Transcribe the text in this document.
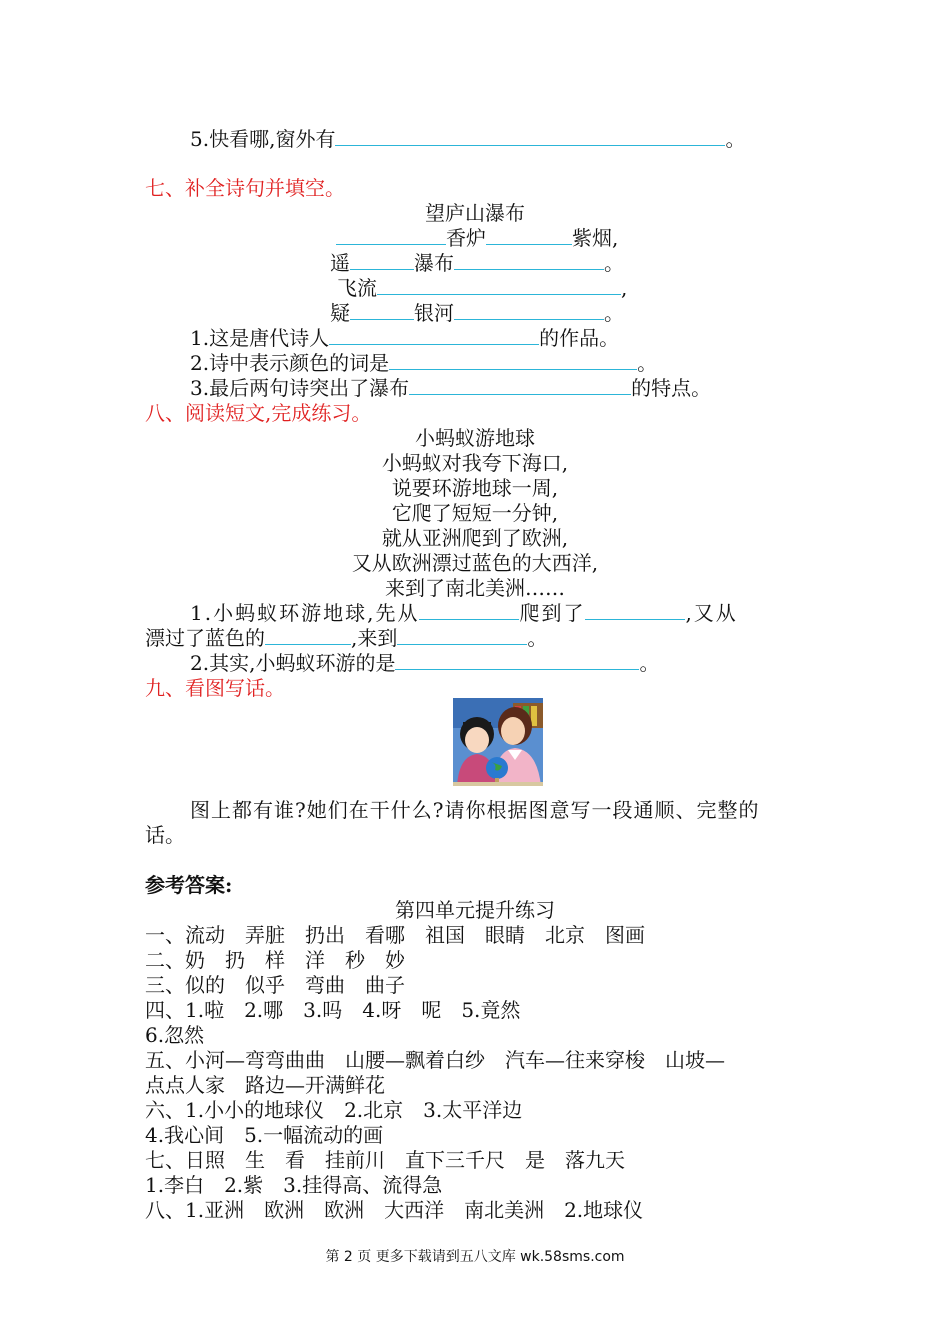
5.快看哪,窗外有	。
七、补全诗句并填空。
望庐山瀑布
香炉	紫烟,
遥	瀑布	。
飞流	,
疑	银河	。
1.这是唐代诗人	的作品。
2.诗中表示颜色的词是	。
3.最后两句诗突出了瀑布	的特点。
八、阅读短文,完成练习。
小蚂蚁游地球
小蚂蚁对我夸下海口,
说要环游地球一周,
它爬了短短一分钟,
就从亚洲爬到了欧洲,
又从欧洲漂过蓝色的大西洋,
来到了南北美洲……
1.小蚂蚁环游地球,先从	爬到了	,又从
漂过了蓝色的	,来到	。
2.其实,小蚂蚁环游的是	。
九、看图写话。
图上都有谁?她们在干什么?请你根据图意写一段通顺、完整的
话。
参考答案:
第四单元提升练习
一、流动　弄脏　扔出　看哪　祖国　眼睛　北京　图画
二、奶　扔　样　洋　秒　妙
三、似的　似乎　弯曲　曲子
四、1.啦　2.哪　3.吗　4.呀　呢　5.竟然
6.忽然
五、小河—弯弯曲曲　山腰—飘着白纱　汽车—往来穿梭　山坡—
点点人家　路边—开满鲜花
六、1.小小的地球仪　2.北京　3.太平洋边
4.我心间　5.一幅流动的画
七、日照　生　看　挂前川　直下三千尺　是　落九天
1.李白　2.紫　3.挂得高、流得急
八、1.亚洲　欧洲　欧洲　大西洋　南北美洲　2.地球仪
第 2 页 更多下载请到五八文库 wk.58sms.com
